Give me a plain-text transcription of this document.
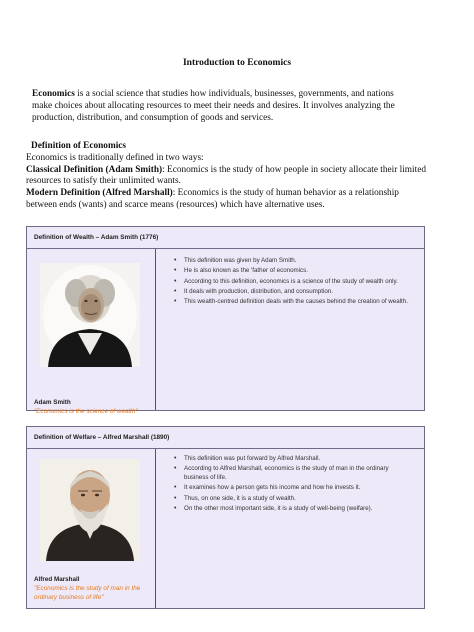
Introduction to Economics
Economics is a social science that studies how individuals, businesses, governments, and nations make choices about allocating resources to meet their needs and desires. It involves analyzing the production, distribution, and consumption of goods and services.
Definition of Economics
Economics is traditionally defined in two ways:
Classical Definition (Adam Smith): Economics is the study of how people in society allocate their limited resources to satisfy their unlimited wants.
Modern Definition (Alfred Marshall): Economics is the study of human behavior as a relationship between ends (wants) and scarce means (resources) which have alternative uses.
Definition of Wealth – Adam Smith (1776)
Adam Smith
"Economics is the science of wealth"
• This definition was given by Adam Smith.
• He is also known as the 'father of economics.
• According to this definition, economics is a science of the study of wealth only.
• It deals with production, distribution, and consumption.
• This wealth-centred definition deals with the causes behind the creation of wealth.
Definition of Welfare – Alfred Marshall (1890)
Alfred Marshall
"Economics is the study of man in the ordinary business of life"
• This definition was put forward by Alfred Marshall.
• According to Alfred Marshall, economics is the study of man in the ordinary business of life.
• It examines how a person gets his income and how he invests it.
• Thus, on one side, it is a study of wealth.
• On the other most important side, it is a study of well-being (welfare).
